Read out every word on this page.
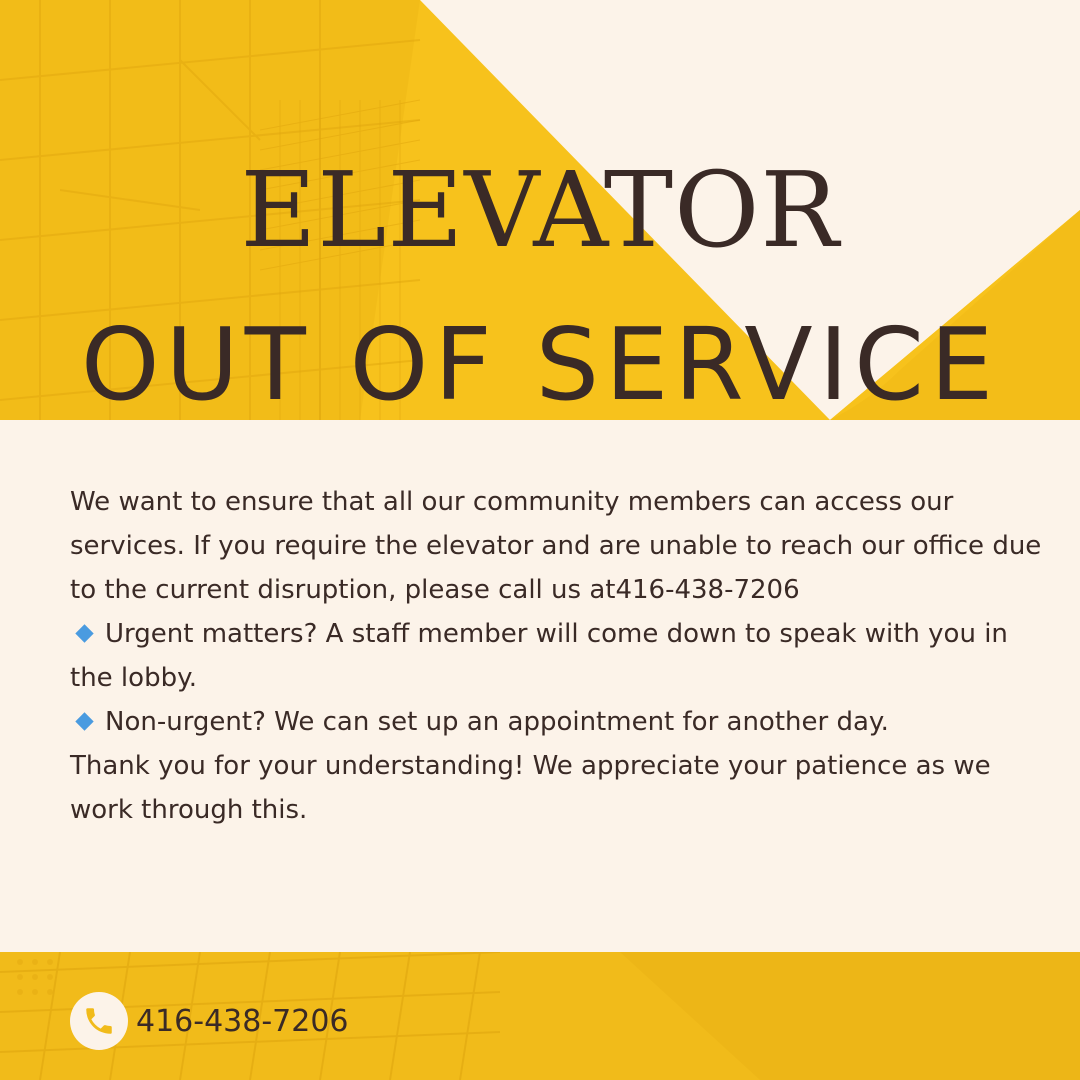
ELEVATOR
OUT OF SERVICE

We want to ensure that all our community members can access our services. If you require the elevator and are unable to reach our office due to the current disruption, please call us at416-438-7206

Urgent matters? A staff member will come down to speak with you in the lobby.

Non-urgent? We can set up an appointment for another day.

Thank you for your understanding! We appreciate your patience as we work through this.

416-438-7206
